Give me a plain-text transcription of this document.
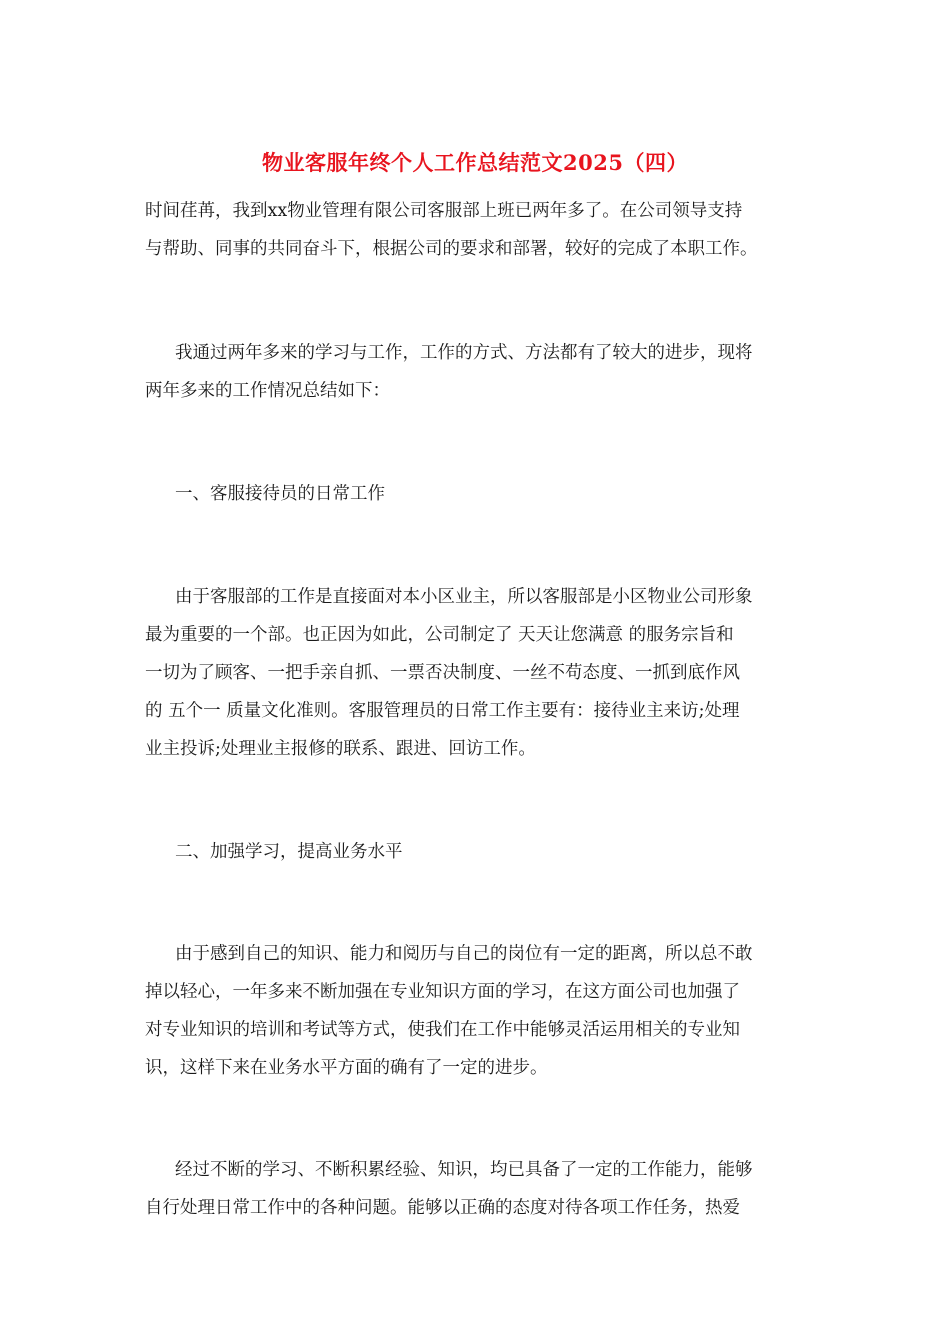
物业客服年终个人工作总结范文2025（四）

时间荏苒，我到xx物业管理有限公司客服部上班已两年多了。在公司领导支持

与帮助、同事的共同奋斗下，根据公司的要求和部署，较好的完成了本职工作。

我通过两年多来的学习与工作，工作的方式、方法都有了较大的进步，现将

两年多来的工作情况总结如下：

一、客服接待员的日常工作

由于客服部的工作是直接面对本小区业主，所以客服部是小区物业公司形象

最为重要的一个部。也正因为如此，公司制定了 天天让您满意 的服务宗旨和

一切为了顾客、一把手亲自抓、一票否决制度、一丝不苟态度、一抓到底作风

的 五个一 质量文化准则。客服管理员的日常工作主要有：接待业主来访;处理

业主投诉;处理业主报修的联系、跟进、回访工作。

二、加强学习，提高业务水平

由于感到自己的知识、能力和阅历与自己的岗位有一定的距离，所以总不敢

掉以轻心，一年多来不断加强在专业知识方面的学习，在这方面公司也加强了

对专业知识的培训和考试等方式，使我们在工作中能够灵活运用相关的专业知

识，这样下来在业务水平方面的确有了一定的进步。

经过不断的学习、不断积累经验、知识，均已具备了一定的工作能力，能够

自行处理日常工作中的各种问题。能够以正确的态度对待各项工作任务，热爱
